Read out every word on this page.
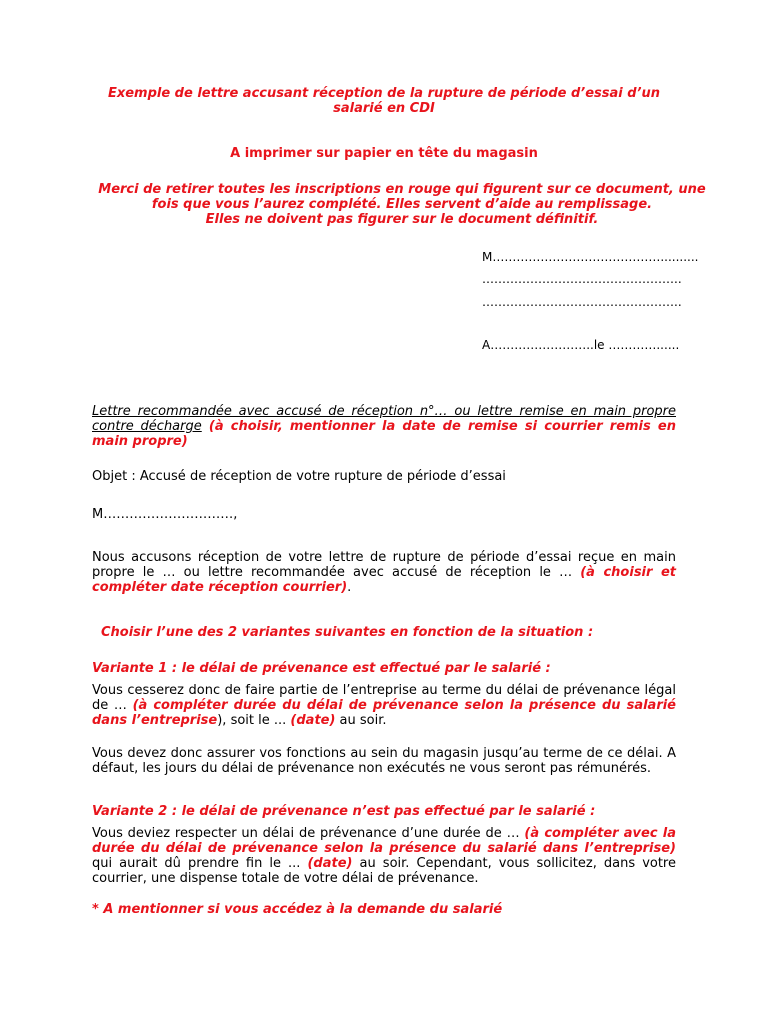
Exemple de lettre accusant réception de la rupture de période d’essai d’un salarié en CDI
A imprimer sur papier en tête du magasin
Merci de retirer toutes les inscriptions en rouge qui figurent sur ce document, une
fois que vous l’aurez complété. Elles servent d’aide au remplissage.
Elles ne doivent pas figurer sur le document définitif.
M……………………………………..........
…………………………………………..
…………………………………………..
A……………………..le …………......
Lettre recommandée avec accusé de réception n°… ou lettre remise en main propre contre décharge (à choisir, mentionner la date de remise si courrier remis en main propre)
Objet : Accusé de réception de votre rupture de période d’essai
M…………………………,
Nous accusons réception de votre lettre de rupture de période d’essai reçue en main propre le … ou lettre recommandée avec accusé de réception le … (à choisir et compléter date réception courrier).
Choisir l’une des 2 variantes suivantes en fonction de la situation :
Variante 1 : le délai de prévenance est effectué par le salarié :
Vous cesserez donc de faire partie de l’entreprise au terme du délai de prévenance légal de … (à compléter durée du délai de prévenance selon la présence du salarié dans l’entreprise), soit le ... (date) au soir.
Vous devez donc assurer vos fonctions au sein du magasin jusqu’au terme de ce délai. A défaut, les jours du délai de prévenance non exécutés ne vous seront pas rémunérés.
Variante 2 : le délai de prévenance n’est pas effectué par le salarié :
Vous deviez respecter un délai de prévenance d’une durée de … (à compléter avec la durée du délai de prévenance selon la présence du salarié dans l’entreprise) qui aurait dû prendre fin le ... (date) au soir. Cependant, vous sollicitez, dans votre courrier, une dispense totale de votre délai de prévenance.
* A mentionner si vous accédez à la demande du salarié
